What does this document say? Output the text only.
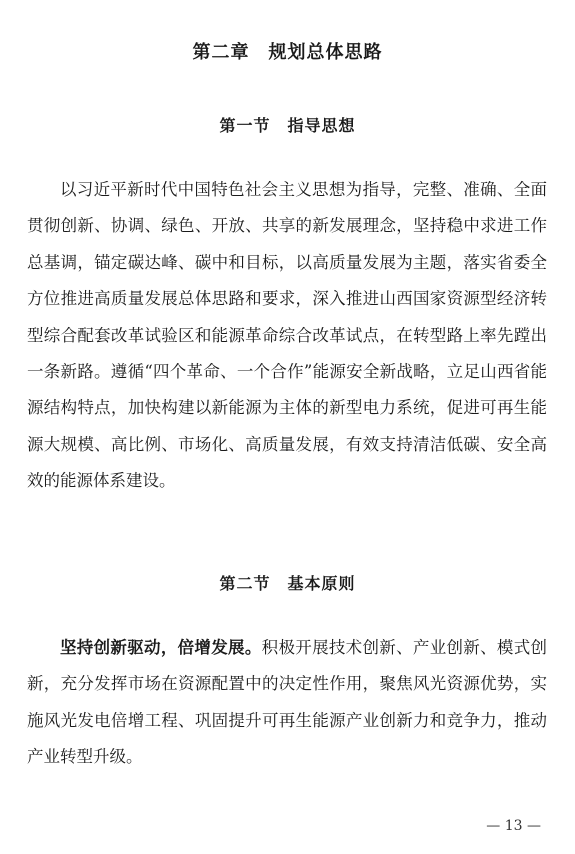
第二章　规划总体思路
第一节　指导思想

以习近平新时代中国特色社会主义思想为指导，完整、准确、全面贯彻创新、协调、绿色、开放、共享的新发展理念，坚持稳中求进工作总基调，锚定碳达峰、碳中和目标，以高质量发展为主题，落实省委全方位推进高质量发展总体思路和要求，深入推进山西国家资源型经济转型综合配套改革试验区和能源革命综合改革试点，在转型路上率先蹚出一条新路。遵循“四个革命、一个合作”能源安全新战略，立足山西省能源结构特点，加快构建以新能源为主体的新型电力系统，促进可再生能源大规模、高比例、市场化、高质量发展，有效支持清洁低碳、安全高效的能源体系建设。

第二节　基本原则

坚持创新驱动，倍增发展。积极开展技术创新、产业创新、模式创新，充分发挥市场在资源配置中的决定性作用，聚焦风光资源优势，实施风光发电倍增工程、巩固提升可再生能源产业创新力和竞争力，推动产业转型升级。

— 13 —
